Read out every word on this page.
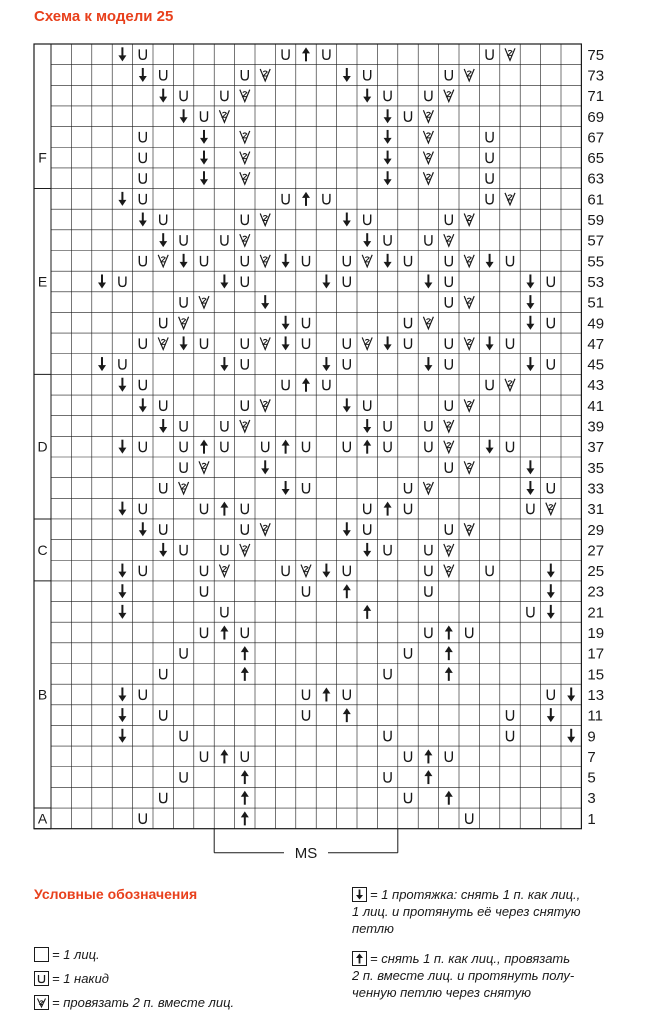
Схема к модели 25
F
E
D
C
B
A
75
73
71
69
67
65
63
61
59
57
55
53
51
49
47
45
43
41
39
37
35
33
31
29
27
25
23
21
19
17
15
13
11
9
7
5
3
1
MS
Условные обозначения
= 1 лиц.
= 1 накид
= провязать 2 п. вместе лиц.
= 1 протяжка: снять 1 п. как лиц.,
1 лиц. и протянуть её через снятую
петлю
= снять 1 п. как лиц., провязать
2 п. вместе лиц. и протянуть полу-
ченную петлю через снятую
